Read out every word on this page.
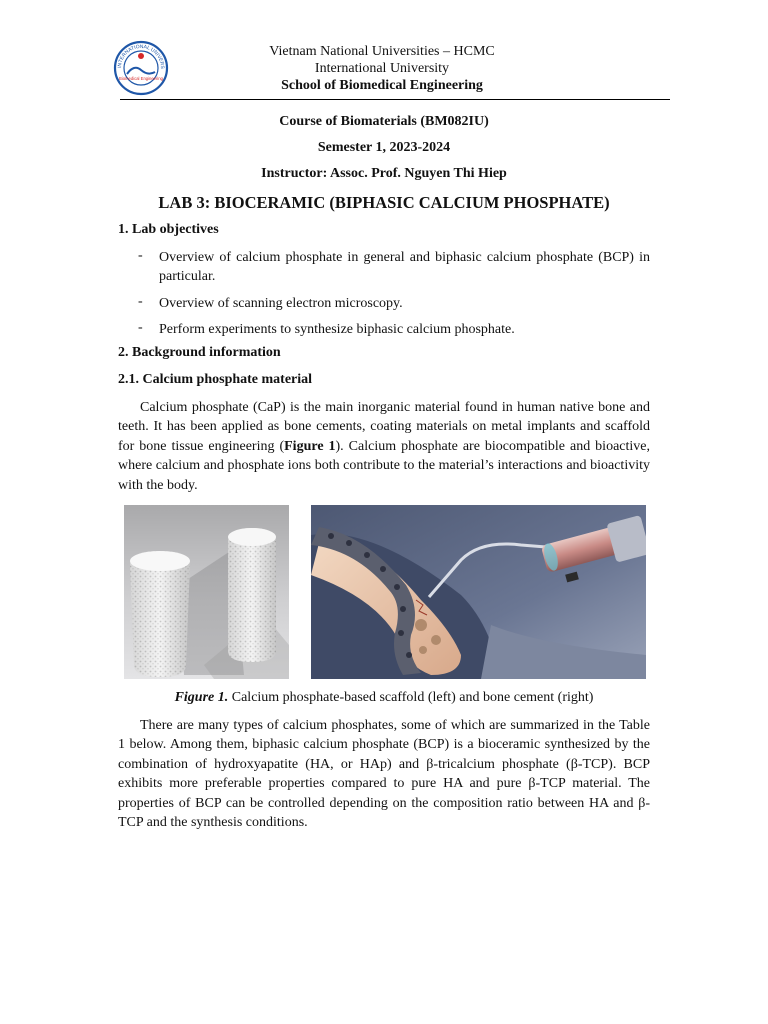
INTERNATIONAL UNIVERS
Biomedical Engineering
Vietnam National Universities – HCMC
International University
School of Biomedical Engineering
Course of Biomaterials (BM082IU)
Semester 1, 2023-2024
Instructor: Assoc. Prof. Nguyen Thi Hiep
LAB 3: BIOCERAMIC (BIPHASIC CALCIUM PHOSPHATE)
1. Lab objectives
- Overview of calcium phosphate in general and biphasic calcium phosphate (BCP) in particular.
- Overview of scanning electron microscopy.
- Perform experiments to synthesize biphasic calcium phosphate.
2. Background information
2.1. Calcium phosphate material
Calcium phosphate (CaP) is the main inorganic material found in human native bone and teeth. It has been applied as bone cements, coating materials on metal implants and scaffold for bone tissue engineering (Figure 1). Calcium phosphate are biocompatible and bioactive, where calcium and phosphate ions both contribute to the material’s interactions and bioactivity with the body.
Figure 1. Calcium phosphate-based scaffold (left) and bone cement (right)
There are many types of calcium phosphates, some of which are summarized in the Table 1 below. Among them, biphasic calcium phosphate (BCP) is a bioceramic synthesized by the combination of hydroxyapatite (HA, or HAp) and β-tricalcium phosphate (β-TCP). BCP exhibits more preferable properties compared to pure HA and pure β-TCP material. The properties of BCP can be controlled depending on the composition ratio between HA and β-TCP and the synthesis conditions.
